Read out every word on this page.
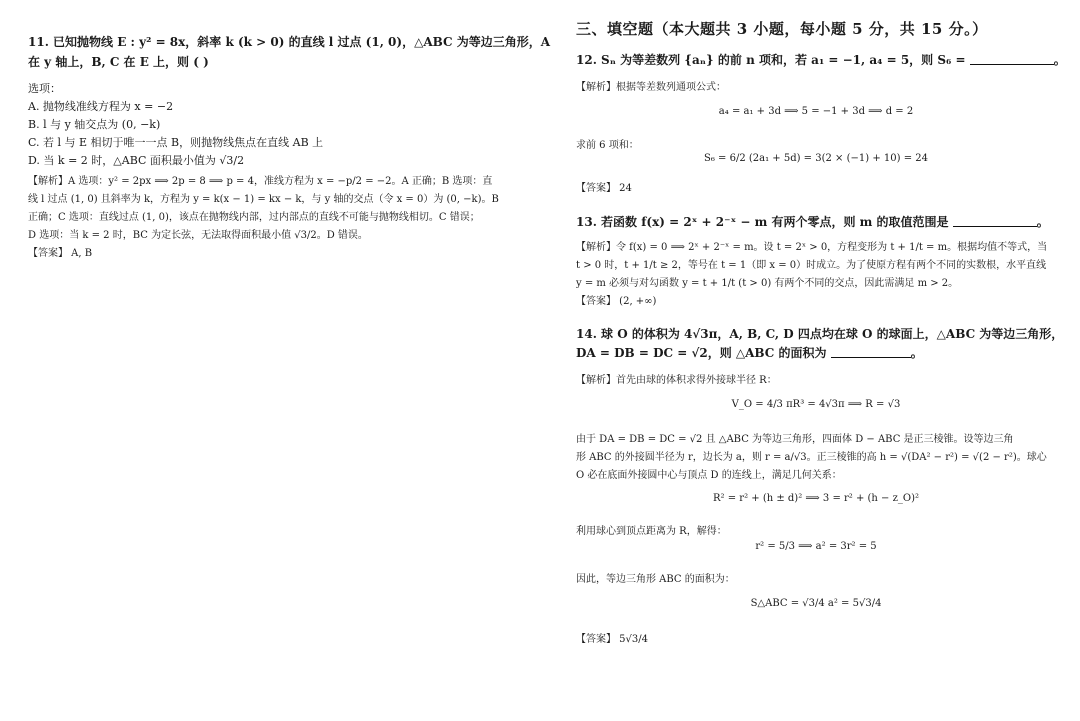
11. 已知抛物线 E : y² = 8x，斜率 k (k > 0) 的直线 l 过点 (1, 0)，△ABC 为等边三角形，A
在 y 轴上，B, C 在 E 上，则 ( )
选项：
A. 抛物线准线方程为 x = −2
B. l 与 y 轴交点为 (0, −k)
C. 若 l 与 E 相切于唯一一点 B，则抛物线焦点在直线 AB 上
D. 当 k = 2 时，△ABC 面积最小值为 √3/2
【解析】A 选项：y² = 2px ⟹ 2p = 8 ⟹ p = 4，准线方程为 x = −p/2 = −2。A 正确；B 选项：直
线 l 过点 (1, 0) 且斜率为 k，方程为 y = k(x − 1) = kx − k，与 y 轴的交点（令 x = 0）为 (0, −k)。B
正确；C 选项：直线过点 (1, 0)，该点在抛物线内部，过内部点的直线不可能与抛物线相切。C 错误；
D 选项：当 k = 2 时，BC 为定长弦，无法取得面积最小值 √3/2。D 错误。
【答案】 A, B
三、填空题（本大题共 3 小题，每小题 5 分，共 15 分。）
12. Sₙ 为等差数列 {aₙ} 的前 n 项和，若 a₁ = −1, a₄ = 5，则 S₆ =	。
【解析】根据等差数列通项公式：
a₄ = a₁ + 3d ⟹ 5 = −1 + 3d ⟹ d = 2
求前 6 项和：
S₆ = 6/2 (2a₁ + 5d) = 3(2 × (−1) + 10) = 24
【答案】 24
13. 若函数 f(x) = 2ˣ + 2⁻ˣ − m 有两个零点，则 m 的取值范围是	。
【解析】令 f(x) = 0 ⟹ 2ˣ + 2⁻ˣ = m。设 t = 2ˣ > 0，方程变形为 t + 1/t = m。根据均值不等式，当
t > 0 时，t + 1/t ≥ 2，等号在 t = 1（即 x = 0）时成立。为了使原方程有两个不同的实数根，水平直线
y = m 必须与对勾函数 y = t + 1/t (t > 0) 有两个不同的交点，因此需满足 m > 2。
【答案】 (2, +∞)
14. 球 O 的体积为 4√3π，A, B, C, D 四点均在球 O 的球面上，△ABC 为等边三角形，
DA = DB = DC = √2，则 △ABC 的面积为	。
【解析】首先由球的体积求得外接球半径 R：
V_O = 4/3 πR³ = 4√3π ⟹ R = √3
由于 DA = DB = DC = √2 且 △ABC 为等边三角形，四面体 D − ABC 是正三棱锥。设等边三角
形 ABC 的外接圆半径为 r，边长为 a，则 r = a/√3。正三棱锥的高 h = √(DA² − r²) = √(2 − r²)。球心
O 必在底面外接圆中心与顶点 D 的连线上，满足几何关系：
R² = r² + (h ± d)² ⟹ 3 = r² + (h − z_O)²
利用球心到顶点距离为 R，解得：
r² = 5/3 ⟹ a² = 3r² = 5
因此，等边三角形 ABC 的面积为：
S△ABC = √3/4 a² = 5√3/4
【答案】 5√3/4
